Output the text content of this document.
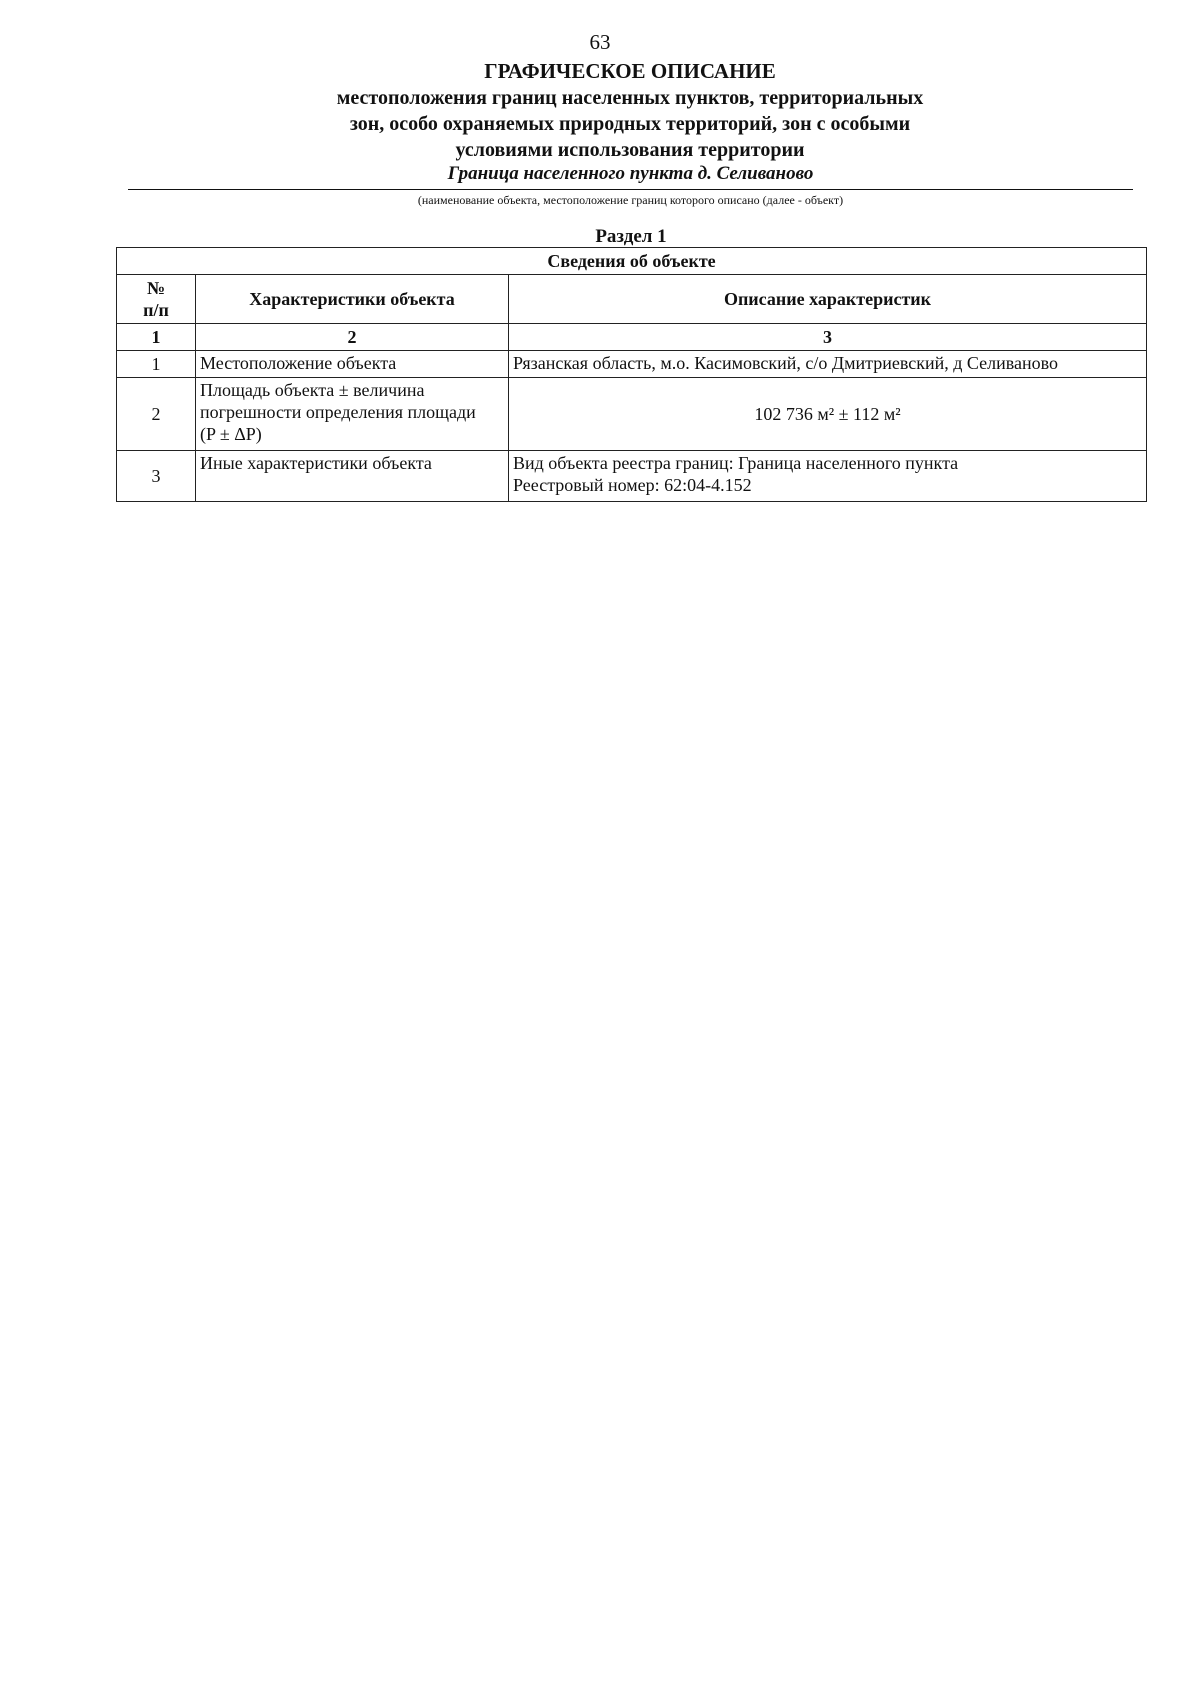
63
ГРАФИЧЕСКОЕ ОПИСАНИЕ
местоположения границ населенных пунктов, территориальных
зон, особо охраняемых природных территорий, зон с особыми
условиями использования территории
Граница населенного пункта д. Селиваново
(наименование объекта, местоположение границ которого описано (далее - объект)
Раздел 1
Сведения об объекте		

№
п/п	Характеристики объекта	Описание характеристик
1	2	3
1	Местоположение объекта	Рязанская область, м.о. Касимовский, с/о Дмитриевский, д Селиваново
2	Площадь объекта ± величина
погрешности определения площади
(P ± ΔP)	102 736 м² ± 112 м²
3	Иные характеристики объекта	Вид объекта реестра границ: Граница населенного пункта
Реестровый номер: 62:04-4.152
